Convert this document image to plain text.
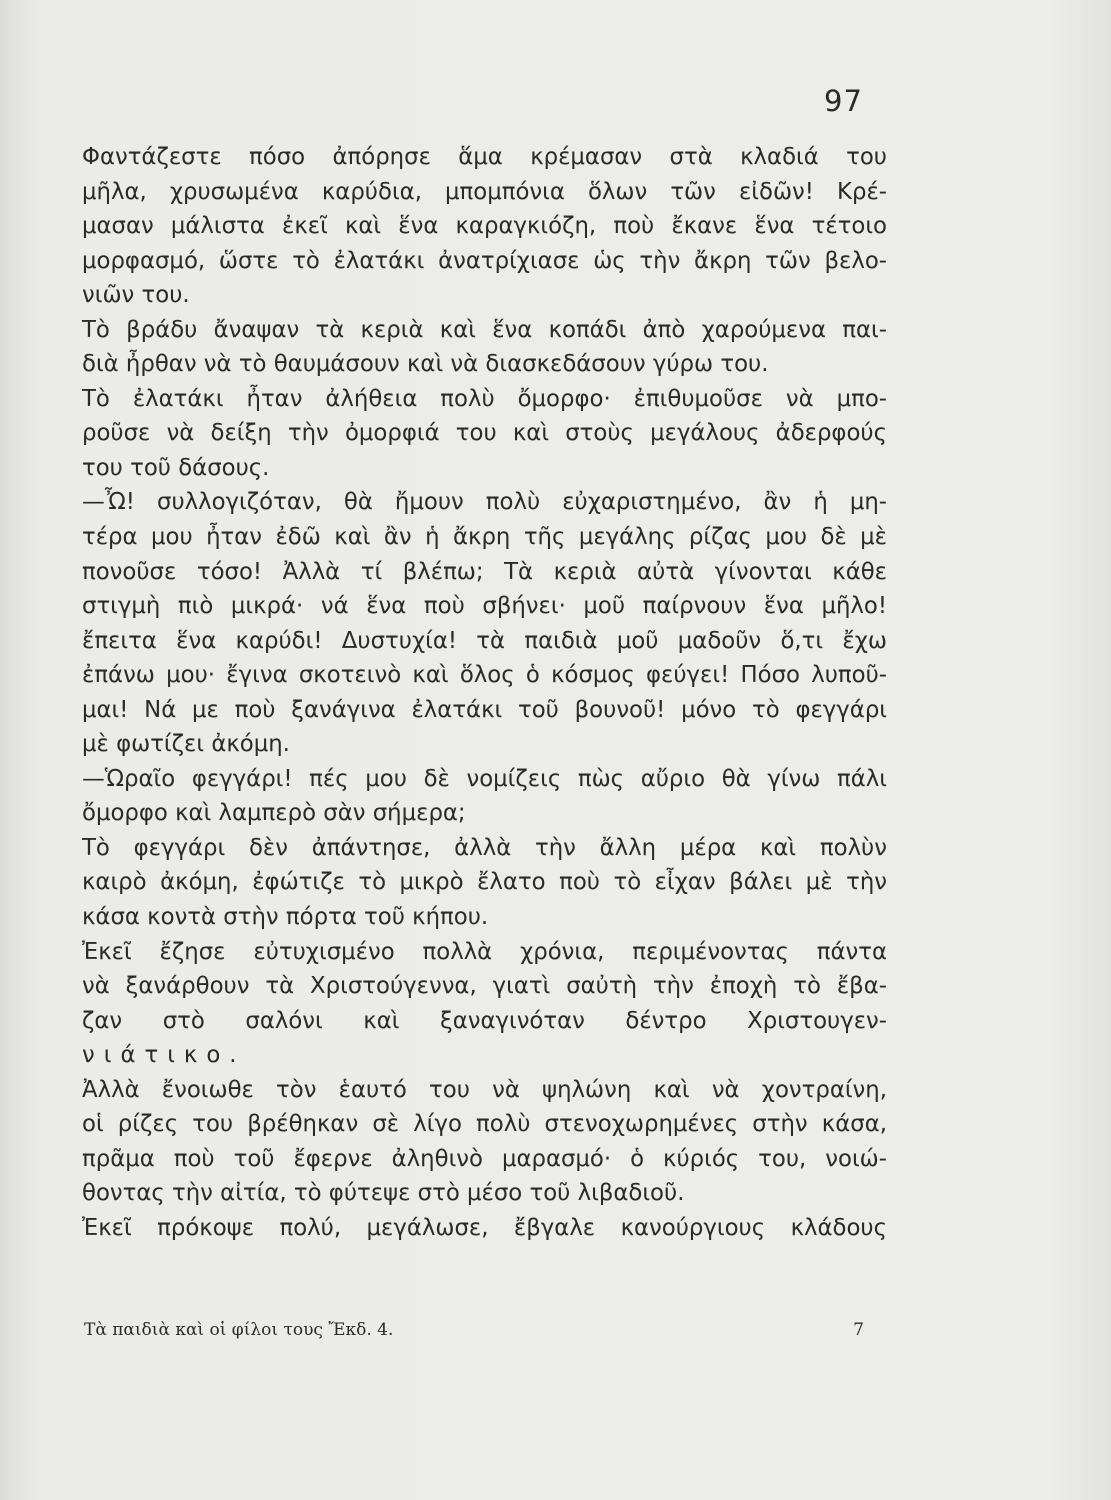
97
Φαντάζεστε πόσο ἀπόρησε ἅμα κρέμασαν στὰ κλαδιά του
μῆλα, χρυσωμένα καρύδια, μπομπόνια ὅλων τῶν εἰδῶν! Κρέ-
μασαν μάλιστα ἐκεῖ καὶ ἕνα καραγκιόζη, ποὺ ἔκανε ἕνα τέτοιο
μορφασμό, ὥστε τὸ ἐλατάκι ἀνατρίχιασε ὡς τὴν ἄκρη τῶν βελο-
νιῶν του.
Τὸ βράδυ ἄναψαν τὰ κεριὰ καὶ ἕνα κοπάδι ἀπὸ χαρούμενα παι-
διὰ ἦρθαν νὰ τὸ θαυμάσουν καὶ νὰ διασκεδάσουν γύρω του.
Τὸ ἐλατάκι ἦταν ἀλήθεια πολὺ ὄμορφο· ἐπιθυμοῦσε νὰ μπο-
ροῦσε νὰ δείξη τὴν ὀμορφιά του καὶ στοὺς μεγάλους ἀδερφούς
του τοῦ δάσους.
—Ὦ! συλλογιζόταν, θὰ ἤμουν πολὺ εὐχαριστημένο, ἂν ἡ μη-
τέρα μου ἦταν ἐδῶ καὶ ἂν ἡ ἄκρη τῆς μεγάλης ρίζας μου δὲ μὲ
πονοῦσε τόσο! Ἀλλὰ τί βλέπω; Τὰ κεριὰ αὐτὰ γίνονται κάθε
στιγμὴ πιὸ μικρά· νά ἕνα ποὺ σβήνει· μοῦ παίρνουν ἕνα μῆλο!
ἔπειτα ἕνα καρύδι! Δυστυχία! τὰ παιδιὰ μοῦ μαδοῦν ὅ,τι ἔχω
ἐπάνω μου· ἔγινα σκοτεινὸ καὶ ὅλος ὁ κόσμος φεύγει! Πόσο λυποῦ-
μαι! Νά με ποὺ ξανάγινα ἐλατάκι τοῦ βουνοῦ! μόνο τὸ φεγγάρι
μὲ φωτίζει ἀκόμη.
—Ὡραῖο φεγγάρι! πές μου δὲ νομίζεις πὼς αὔριο θὰ γίνω πάλι
ὄμορφο καὶ λαμπερὸ σὰν σήμερα;
Τὸ φεγγάρι δὲν ἀπάντησε, ἀλλὰ τὴν ἄλλη μέρα καὶ πολὺν
καιρὸ ἀκόμη, ἐφώτιζε τὸ μικρὸ ἔλατο ποὺ τὸ εἶχαν βάλει μὲ τὴν
κάσα κοντὰ στὴν πόρτα τοῦ κήπου.
Ἐκεῖ ἔζησε εὐτυχισμένο πολλὰ χρόνια, περιμένοντας πάντα
νὰ ξανάρθουν τὰ Χριστούγεννα, γιατὶ σαὐτὴ τὴν ἐποχὴ τὸ ἔβα-
ζαν στὸ σαλόνι καὶ ξαναγινόταν δέντρο Χριστουγεν-
νιάτικο.
Ἀλλὰ ἔνοιωθε τὸν ἑαυτό του νὰ ψηλώνη καὶ νὰ χοντραίνη,
οἱ ρίζες του βρέθηκαν σὲ λίγο πολὺ στενοχωρημένες στὴν κάσα,
πρᾶμα ποὺ τοῦ ἔφερνε ἀληθινὸ μαρασμό· ὁ κύριός του, νοιώ-
θοντας τὴν αἰτία, τὸ φύτεψε στὸ μέσο τοῦ λιβαδιοῦ.
Ἐκεῖ πρόκοψε πολύ, μεγάλωσε, ἔβγαλε κανούργιους κλάδους
Τὰ παιδιὰ καὶ οἱ φίλοι τους Ἔκδ. 4.	7
